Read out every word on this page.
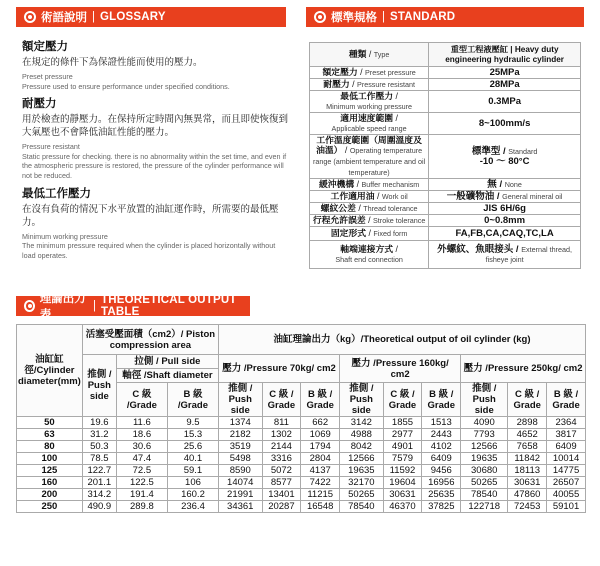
術語說明 | GLOSSARY	標準規格 | STANDARD
額定壓力
在規定的條件下為保證性能而使用的壓力。
Preset pressure
Pressure used to ensure performance under specified conditions.
耐壓力
用於檢查的靜壓力。在保持所定時間內無異常，而且即使恢復到大氣壓也不會降低油缸性能的壓力。
Pressure resistant
Static pressure for checking. there is no abnormality within the set time, and even if the atmospheric pressure is restored, the pressure of the cylinder performance will not be reduced.
最低工作壓力
在沒有負荷的情況下水平放置的油缸運作時，所需要的最低壓力。
Minimum working pressure
The minimum pressure required when the cylinder is placed horizontally without load operates.
種類 / Type	重型工程液壓缸 | Heavy duty engineering hydraulic cylinder
額定壓力 / Preset pressure	25MPa
耐壓力 / Pressure resistant	28MPa
最低工作壓力 /
Minimum working pressure	0.3MPa
適用速度範圍 /
Applicable speed range	8~100mm/s
工作溫度範圍（周圍溫度及油溫） / Operating temperature range (ambient temperature and oil temperature)	標準型 / Standard
-10 ～ 80°C
緩沖機構 / Buffer mechanism	無 / None
工作適用油 / Work oil	一般礦物油 / General mineral oil
螺紋公差 / Thread tolerance	JIS 6H/6g
行程允許誤差 / Stroke tolerance	0~0.8mm
固定形式 / Fixed form	FA,FB,CA,CAQ,TC,LA
軸端連接方式 /
Shaft end connection	外螺紋、魚眼接头 / External thread, fisheye joint
理論出力表
| THEORETICAL OUTPUT TABLE
油缸缸徑/Cylinder diameter(mm)	活塞受壓面積（cm2）/ Piston compression area			油缸理論出力（kg）/Theoretical output of oil cylinder (kg)								
	推側 / Push side	拉側 / Pull side		壓力 /Pressure 70kg/ cm2			壓力 /Pressure 160kg/ cm2			壓力 /Pressure 250kg/ cm2		
		軸徑 /Shaft diameter										
		C 級 /Grade	B 級 /Grade	推側 / Push side	C 級 / Grade	B 級 / Grade	推側 / Push side	C 級 / Grade	B 級 / Grade	推側 / Push side	C 級 / Grade	B 級 / Grade
50	19.6	11.6	9.5	1374	811	662	3142	1855	1513	4090	2898	2364
63	31.2	18.6	15.3	2182	1302	1069	4988	2977	2443	7793	4652	3817
80	50.3	30.6	25.6	3519	2144	1794	8042	4901	4102	12566	7658	6409
100	78.5	47.4	40.1	5498	3316	2804	12566	7579	6409	19635	11842	10014
125	122.7	72.5	59.1	8590	5072	4137	19635	11592	9456	30680	18113	14775
160	201.1	122.5	106	14074	8577	7422	32170	19604	16956	50265	30631	26507
200	314.2	191.4	160.2	21991	13401	11215	50265	30631	25635	78540	47860	40055
250	490.9	289.8	236.4	34361	20287	16548	78540	46370	37825	122718	72453	59101
